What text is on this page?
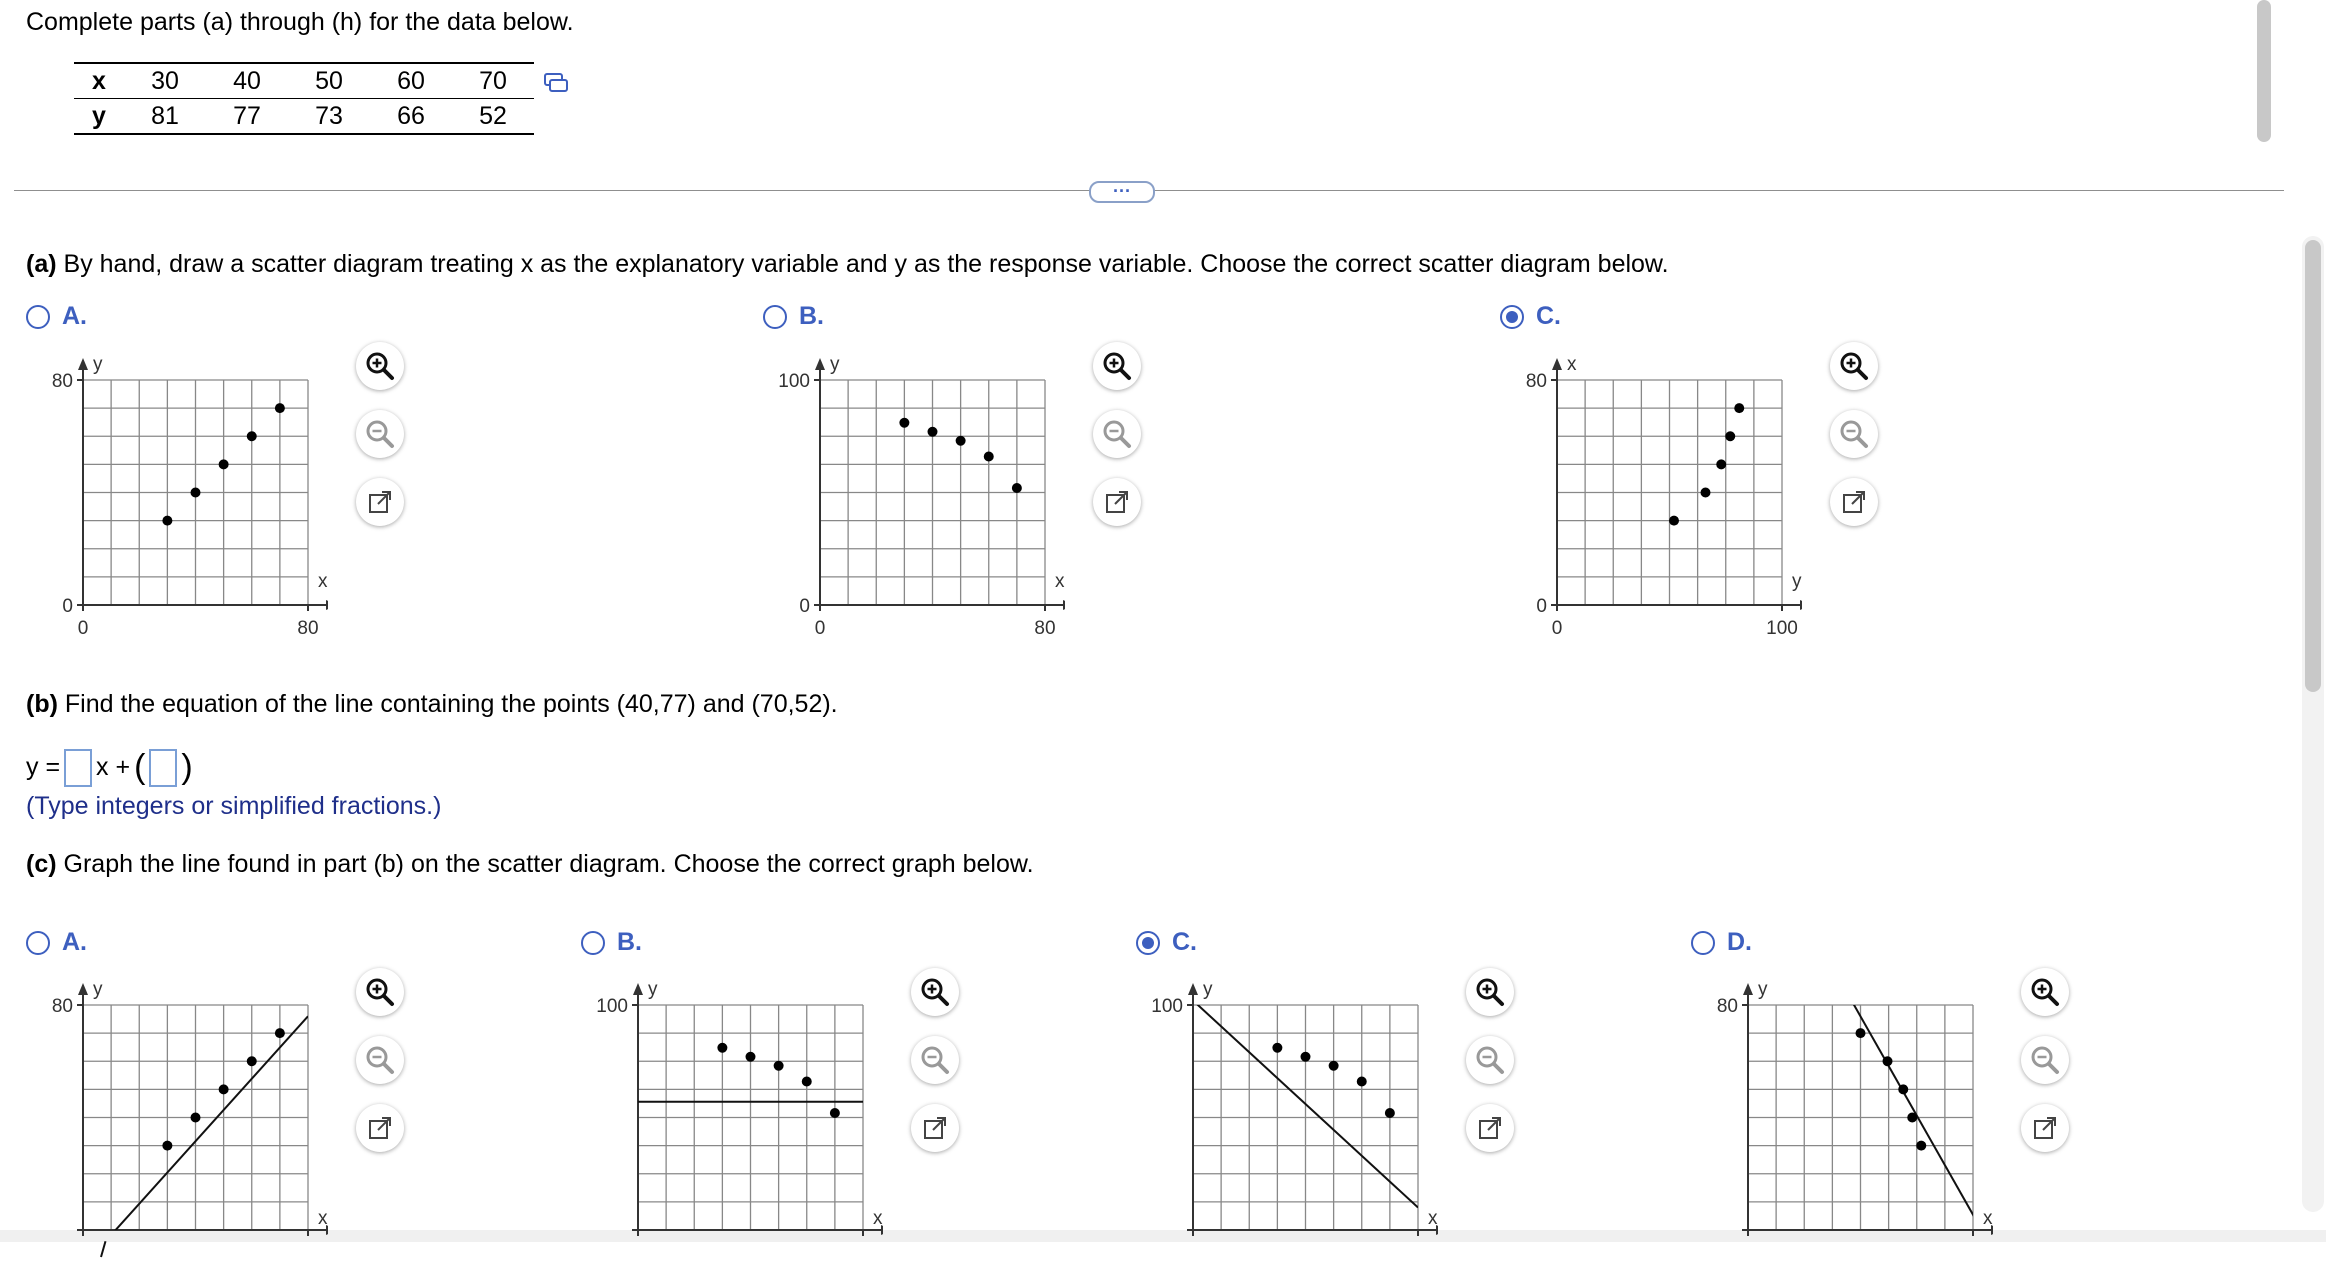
Complete parts (a) through (h) for the data below.
x	30	40	50	60	70
y	81	77	73	66	52
···
(a) By hand, draw a scatter diagram treating x as the explanatory variable and y as the response variable. Choose the correct scatter diagram below.
(b) Find the equation of the line containing the points (40,77) and (70,52).
y = x + ( )
(Type integers or simplified fractions.)
(c) Graph the line found in part (b) on the scatter diagram. Choose the correct graph below.
A.
y
80
x
0
0	80
B.
y
100
x
0
0	80
C.
x
80
y
0
0	100
A.
y
80
x
B.
y
100
x
C.
y
100
x
D.
y
80
x
